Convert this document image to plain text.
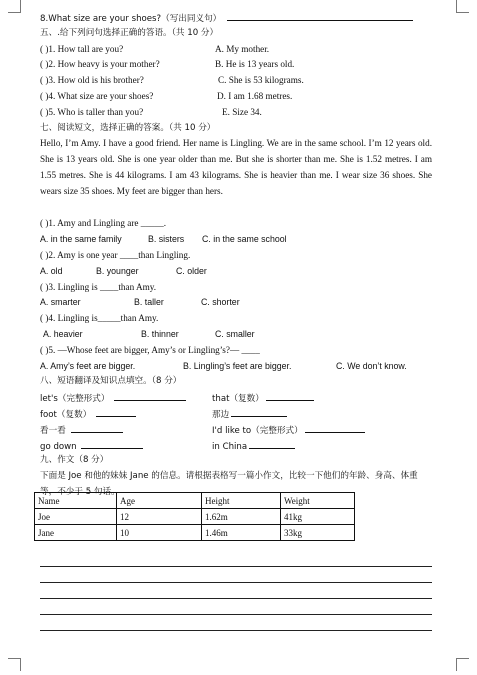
8.What size are your shoes?（写出同义句）
五、.给下列问句选择正确的答语。（共 10 分）
( )1. How tall are you?	A. My mother.
( )2. How heavy is your mother?	B. He is 13 years old.
( )3. How old is his brother?	C. She is 53 kilograms.
( )4. What size are your shoes?	D. I am 1.68 metres.
( )5. Who is taller than you?	E. Size 34.
七、阅读短文，选择正确的答案。（共 10 分）
Hello, I’m Amy. I have a good friend. Her name is Lingling. We are in the same school. I’m 12 years old. She is 13 years old. She is one year older than me. But she is shorter than me. She is 1.52 metres. I am 1.55 metres. She is 44 kilograms. I am 43 kilograms. She is heavier than me. I wear size 36 shoes. She wears size 35 shoes. My feet are bigger than hers.
( )1. Amy and Lingling are _____.
A. in the same family	B. sisters C. in the same school
( )2. Amy is one year ____than Lingling.
A. old	B. younger	C. older
( )3. Lingling is ____than Amy.
A. smarter	B. taller	C. shorter
( )4. Lingling is_____than Amy.
A. heavier	B. thinner	C. smaller
( )5. —Whose feet are bigger, Amy’s or Lingling’s?— ____
A. Amy’s feet are bigger.	B. Lingling’s feet are bigger.	C. We don’t know.
八、短语翻译及知识点填空。（8 分）
let's（完整形式）	that（复数）
foot（复数）	那边
看一看	I'd like to（完整形式）
go down	in China
九、作文（8 分）
下面是 Joe 和他的妹妹 Jane 的信息。请根据表格写一篇小作文，比较一下他们的年龄、身高、体重等，不少于 5 句话。
Name	Age	Height	Weight
Joe	12	1.62m	41kg
Jane	10	1.46m	33kg
